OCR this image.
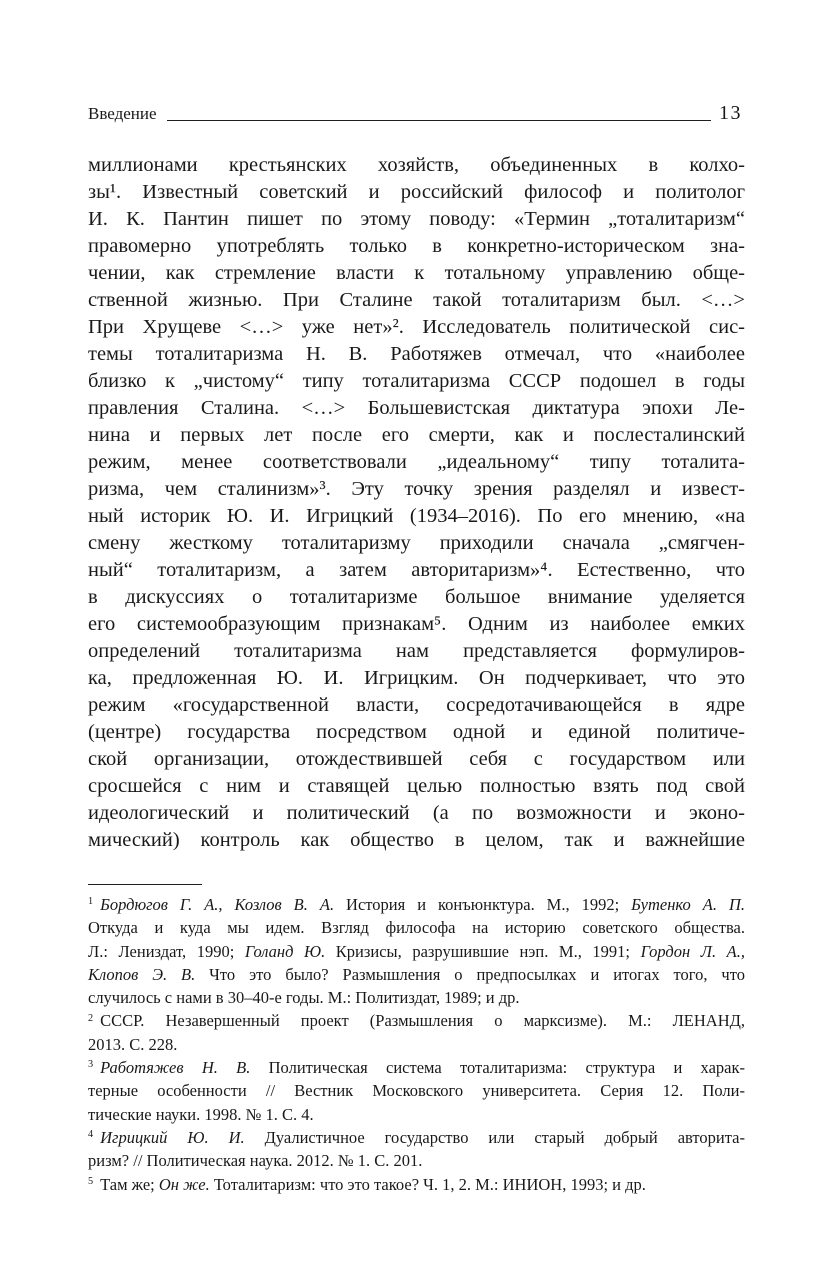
Введение	13
миллионами крестьянских хозяйств, объединенных в колхо-
зы¹. Известный советский и российский философ и политолог
И. К. Пантин пишет по этому поводу: «Термин „тоталитаризм“
правомерно употреблять только в конкретно-историческом зна-
чении, как стремление власти к тотальному управлению обще-
ственной жизнью. При Сталине такой тоталитаризм был. <…>
При Хрущеве <…> уже нет»². Исследователь политической сис-
темы тоталитаризма Н. В. Работяжев отмечал, что «наиболее
близко к „чистому“ типу тоталитаризма СССР подошел в годы
правления Сталина. <…> Большевистская диктатура эпохи Ле-
нина и первых лет после его смерти, как и послесталинский
режим, менее соответствовали „идеальному“ типу тоталита-
ризма, чем сталинизм»³. Эту точку зрения разделял и извест-
ный историк Ю. И. Игрицкий (1934–2016). По его мнению, «на
смену жесткому тоталитаризму приходили сначала „смягчен-
ный“ тоталитаризм, а затем авторитаризм»⁴. Естественно, что
в дискуссиях о тоталитаризме большое внимание уделяется
его системообразующим признакам⁵. Одним из наиболее емких
определений тоталитаризма нам представляется формулиров-
ка, предложенная Ю. И. Игрицким. Он подчеркивает, что это
режим «государственной власти, сосредотачивающейся в ядре
(центре) государства посредством одной и единой политиче-
ской организации, отождествившей себя с государством или
сросшейся с ним и ставящей целью полностью взять под свой
идеологический и политический (а по возможности и эконо-
мический) контроль как общество в целом, так и важнейшие
$^1$ Бордюгов Г. А., Козлов В. А. История и конъюнктура. М., 1992; Бутенко А. П.
Откуда и куда мы идем. Взгляд философа на историю советского общества.
Л.: Лениздат, 1990; Голанд Ю. Кризисы, разрушившие нэп. М., 1991; Гордон Л. А.,
Клопов Э. В. Что это было? Размышления о предпосылках и итогах того, что
случилось с нами в 30–40-е годы. М.: Политиздат, 1989; и др.
$^2$ СССР. Незавершенный проект (Размышления о марксизме). М.: ЛЕНАНД,
2013. С. 228.
$^3$ Работяжев Н. В. Политическая система тоталитаризма: структура и харак-
терные особенности // Вестник Московского университета. Серия 12. Поли-
тические науки. 1998. № 1. С. 4.
$^4$ Игрицкий Ю. И. Дуалистичное государство или старый добрый авторита-
ризм? // Политическая наука. 2012. № 1. С. 201.
$^5$ Там же; Он же. Тоталитаризм: что это такое? Ч. 1, 2. М.: ИНИОН, 1993; и др.
